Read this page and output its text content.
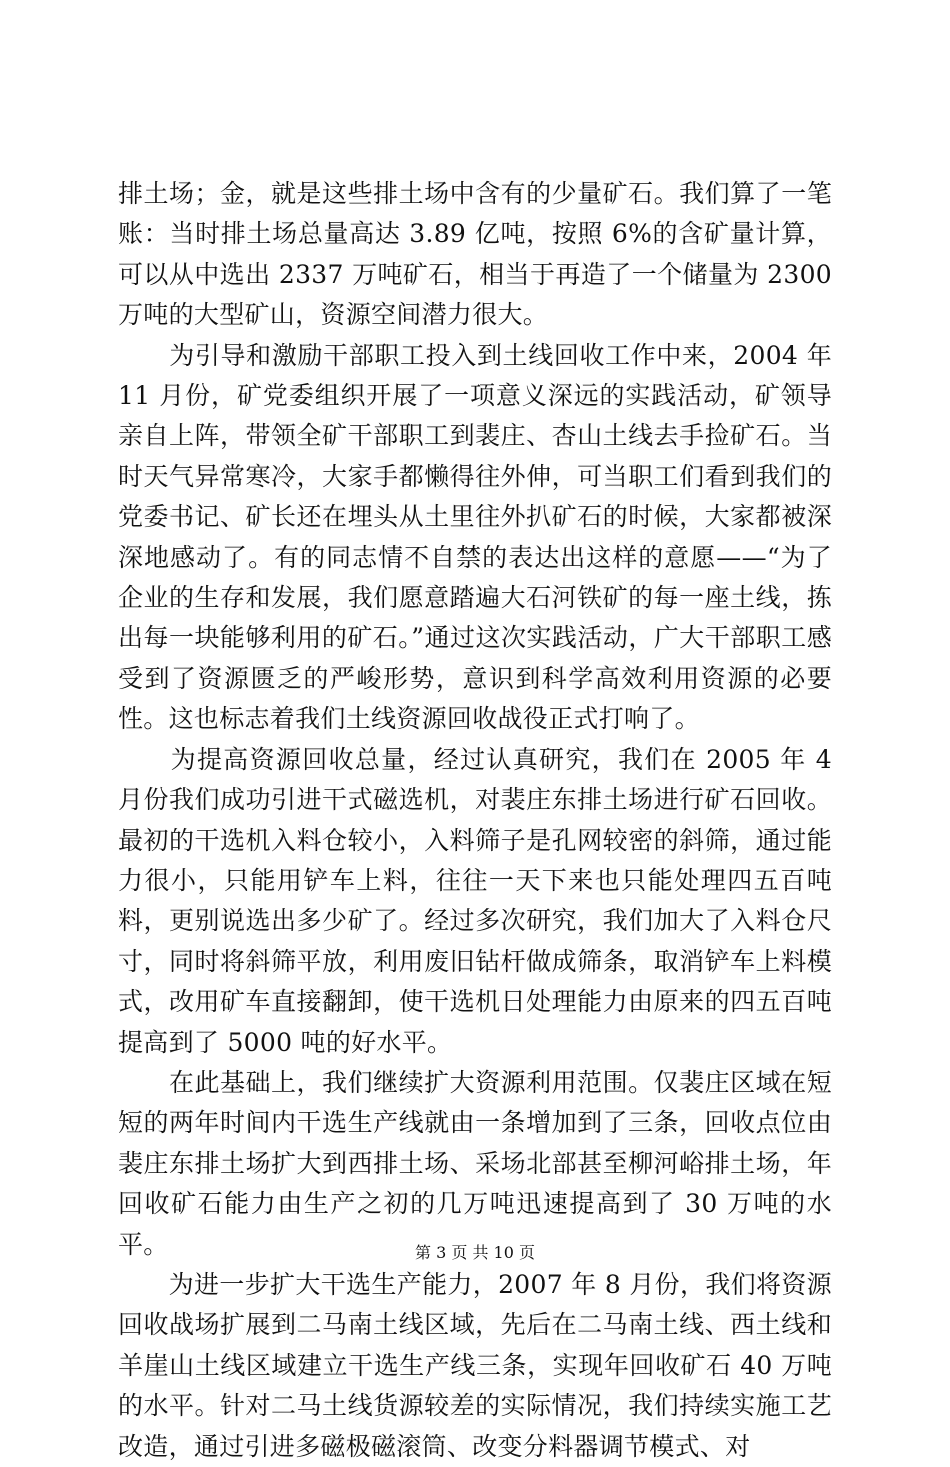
排土场；金，就是这些排土场中含有的少量矿石。我们算了一笔账：当时排土场总量高达 3.89 亿吨，按照 6%的含矿量计算，可以从中选出 2337 万吨矿石，相当于再造了一个储量为 2300 万吨的大型矿山，资源空间潜力很大。

　　为引导和激励干部职工投入到土线回收工作中来，2004 年 11 月份，矿党委组织开展了一项意义深远的实践活动，矿领导亲自上阵，带领全矿干部职工到裴庄、杏山土线去手捡矿石。当时天气异常寒冷，大家手都懒得往外伸，可当职工们看到我们的党委书记、矿长还在埋头从土里往外扒矿石的时候，大家都被深深地感动了。有的同志情不自禁的表达出这样的意愿——“为了企业的生存和发展，我们愿意踏遍大石河铁矿的每一座土线，拣出每一块能够利用的矿石。”通过这次实践活动，广大干部职工感受到了资源匮乏的严峻形势，意识到科学高效利用资源的必要性。这也标志着我们土线资源回收战役正式打响了。

　　为提高资源回收总量，经过认真研究，我们在 2005 年 4 月份我们成功引进干式磁选机，对裴庄东排土场进行矿石回收。最初的干选机入料仓较小，入料筛子是孔网较密的斜筛，通过能力很小，只能用铲车上料，往往一天下来也只能处理四五百吨料，更别说选出多少矿了。经过多次研究，我们加大了入料仓尺寸，同时将斜筛平放，利用废旧钻杆做成筛条，取消铲车上料模式，改用矿车直接翻卸，使干选机日处理能力由原来的四五百吨提高到了 5000 吨的好水平。

　　在此基础上，我们继续扩大资源利用范围。仅裴庄区域在短短的两年时间内干选生产线就由一条增加到了三条，回收点位由裴庄东排土场扩大到西排土场、采场北部甚至柳河峪排土场，年回收矿石能力由生产之初的几万吨迅速提高到了 30 万吨的水平。

　　为进一步扩大干选生产能力，2007 年 8 月份，我们将资源回收战场扩展到二马南土线区域，先后在二马南土线、西土线和羊崖山土线区域建立干选生产线三条，实现年回收矿石 40 万吨的水平。针对二马土线货源较差的实际情况，我们持续实施工艺改造，通过引进多磁极磁滚筒、改变分料器调节模式、对

第 3 页 共 10 页
